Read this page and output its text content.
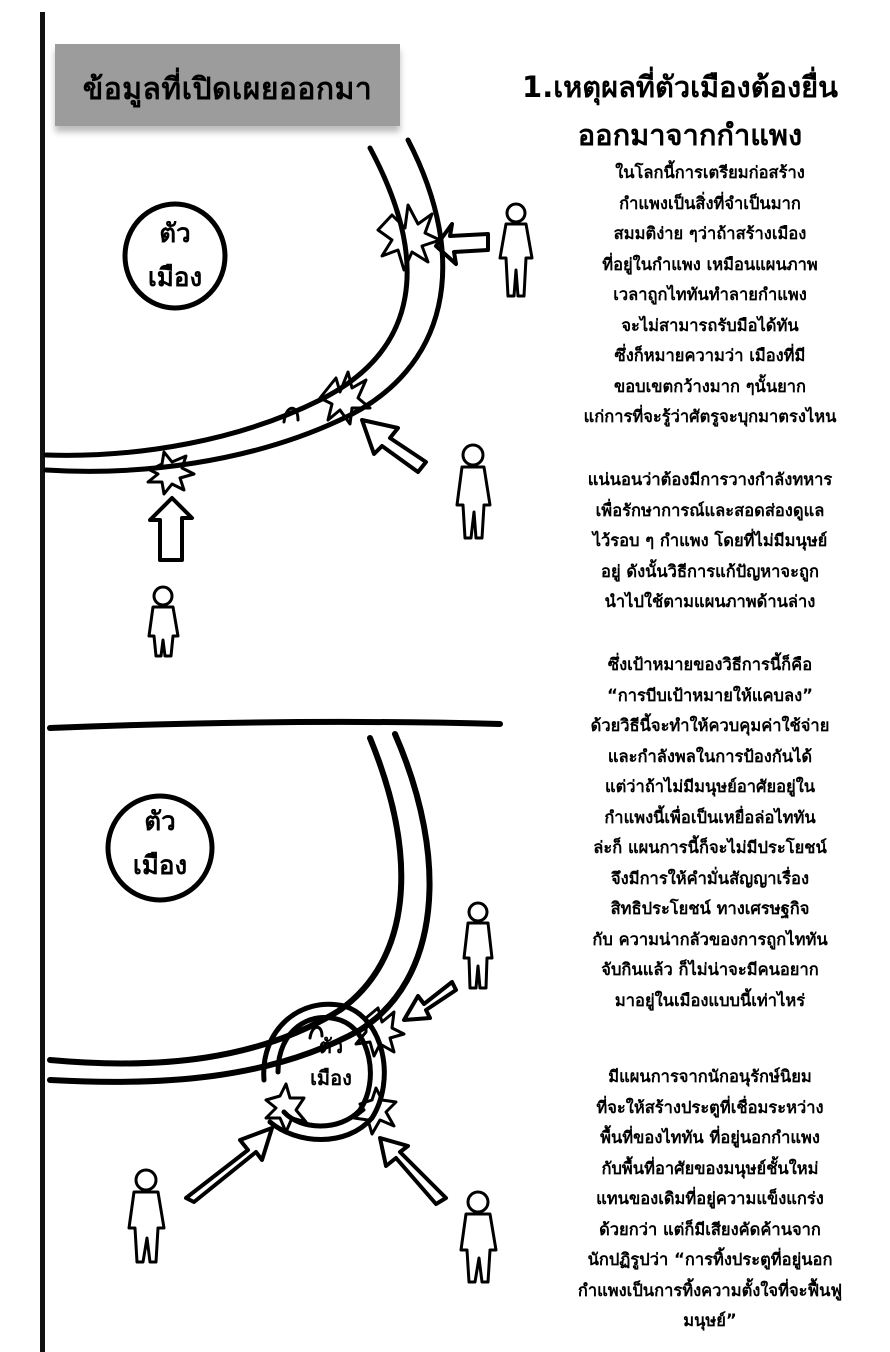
ข้อมูลที่เปิดเผยออกมา	1.เหตุผลที่ตัวเมืองต้องยื่น
ออกมาจากกำแพง
ตัว
เมือง
ตัว
เมือง
ตัว
เมือง
ในโลกนี้การเตรียมก่อสร้าง
กำแพงเป็นสิ่งที่จำเป็นมาก
สมมติง่าย ๆว่าถ้าสร้างเมือง
ที่อยู่ในกำแพง เหมือนแผนภาพ
เวลาถูกไททันทำลายกำแพง
จะไม่สามารถรับมือได้ทัน
ซึ่งก็หมายความว่า เมืองที่มี
ขอบเขตกว้างมาก ๆนั้นยาก
แก่การที่จะรู้ว่าศัตรูจะบุกมาตรงไหน
แน่นอนว่าต้องมีการวางกำลังทหาร
เพื่อรักษาการณ์และสอดส่องดูแล
ไว้รอบ ๆ กำแพง โดยที่ไม่มีมนุษย์
อยู่ ดังนั้นวิธีการแก้ปัญหาจะถูก
นำไปใช้ตามแผนภาพด้านล่าง
ซึ่งเป้าหมายของวิธีการนี้ก็คือ
“การบีบเป้าหมายให้แคบลง”
ด้วยวิธีนี้จะทำให้ควบคุมค่าใช้จ่าย
และกำลังพลในการป้องกันได้
แต่ว่าถ้าไม่มีมนุษย์อาศัยอยู่ใน
กำแพงนี้เพื่อเป็นเหยื่อล่อไททัน
ล่ะก็ แผนการนี้ก็จะไม่มีประโยชน์
จึงมีการให้คำมั่นสัญญาเรื่อง
สิทธิประโยชน์ ทางเศรษฐกิจ
กับ ความน่ากลัวของการถูกไททัน
จับกินแล้ว ก็ไม่น่าจะมีคนอยาก
มาอยู่ในเมืองแบบนี้เท่าไหร่
มีแผนการจากนักอนุรักษ์นิยม
ที่จะให้สร้างประตูที่เชื่อมระหว่าง
พื้นที่ของไททัน ที่อยู่นอกกำแพง
กับพื้นที่อาศัยของมนุษย์ชั้นใหม่
แทนของเดิมที่อยู่ความแข็งแกร่ง
ด้วยกว่า แต่ก็มีเสียงคัดค้านจาก
นักปฏิรูปว่า “การทิ้งประตูที่อยู่นอก
กำแพงเป็นการทิ้งความตั้งใจที่จะฟื้นฟู
มนุษย์”
